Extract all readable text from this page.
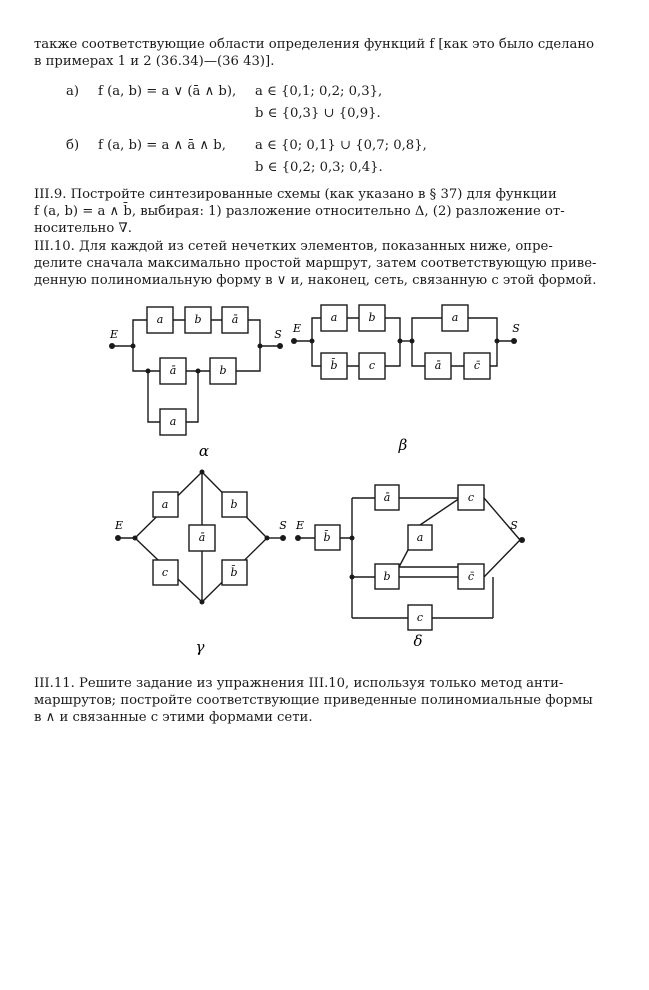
также соответствующие области определения функций f [как это было сделано
в примерах 1 и 2 (36.34)—(36 43)].
а) f (a, b) = a ∨ (ā ∧ b), a ∈ {0,1; 0,2; 0,3},
b ∈ {0,3} ∪ {0,9}.
б) f (a, b) = a ∧ ā ∧ b, a ∈ {0; 0,1} ∪ {0,7; 0,8},
b ∈ {0,2; 0,3; 0,4}.
III.9. Постройте синтезированные схемы (как указано в § 37) для функции
f (a, b) = a ∧ b̄, выбирая: 1) разложение относительно Δ, (2) разложение от-
носительно ∇.
III.10. Для каждой из сетей нечетких элементов, показанных ниже, опре-
делите сначала максимально простой маршрут, затем соответствующую приве-
денную полиномиальную форму в ∨ и, наконец, сеть, связанную с этой формой.
a	b	ā
ā	b
a
E	S
α
a	b
b̄	c
a
ā	c̄
E	S
β
a	b
ā
c	b̄
E	S
γ
b̄
ā	c
a
b	c̄
c
E	S
δ
III.11. Решите задание из упражнения III.10, используя только метод анти-
маршрутов; постройте соответствующие приведенные полиномиальные формы
в ∧ и связанные с этими формами сети.
